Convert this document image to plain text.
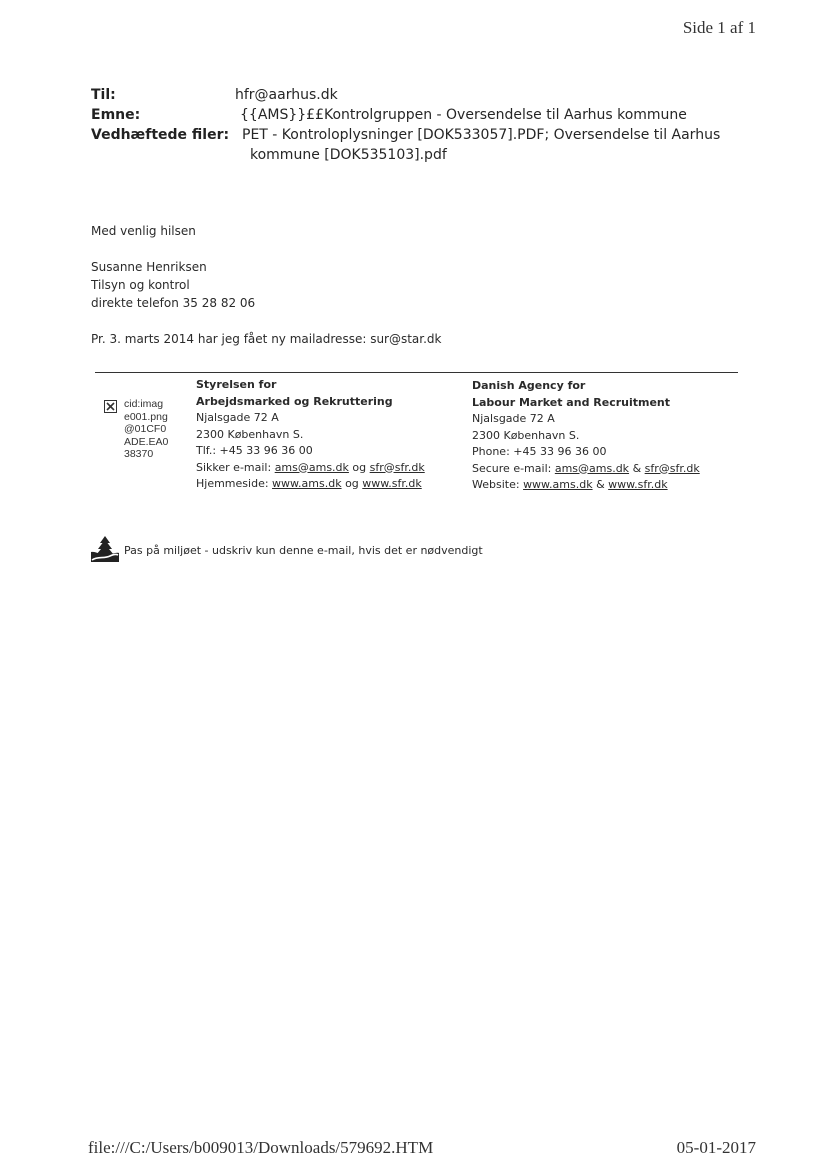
Side 1 af 1
Til:	hfr@aarhus.dk
Emne:	{{AMS}}££Kontrolgruppen - Oversendelse til Aarhus kommune
Vedhæftede filer: PET - Kontroloplysninger [DOK533057].PDF; Oversendelse til Aarhus
kommune [DOK535103].pdf
Med venlig hilsen
Susanne Henriksen
Tilsyn og kontrol
direkte telefon 35 28 82 06
Pr. 3. marts 2014 har jeg fået ny mailadresse: sur@star.dk
cid:imag
e001.png
@01CF0
ADE.EA0
38370
Styrelsen for
Arbejdsmarked og Rekruttering
Njalsgade 72 A
2300 København S.
Tlf.: +45 33 96 36 00
Sikker e-mail: ams@ams.dk og sfr@sfr.dk
Hjemmeside: www.ams.dk og www.sfr.dk
Danish Agency for
Labour Market and Recruitment
Njalsgade 72 A
2300 København S.
Phone: +45 33 96 36 00
Secure e-mail: ams@ams.dk & sfr@sfr.dk
Website: www.ams.dk & www.sfr.dk
Pas på miljøet - udskriv kun denne e-mail, hvis det er nødvendigt
file:///C:/Users/b009013/Downloads/579692.HTM	05-01-2017
